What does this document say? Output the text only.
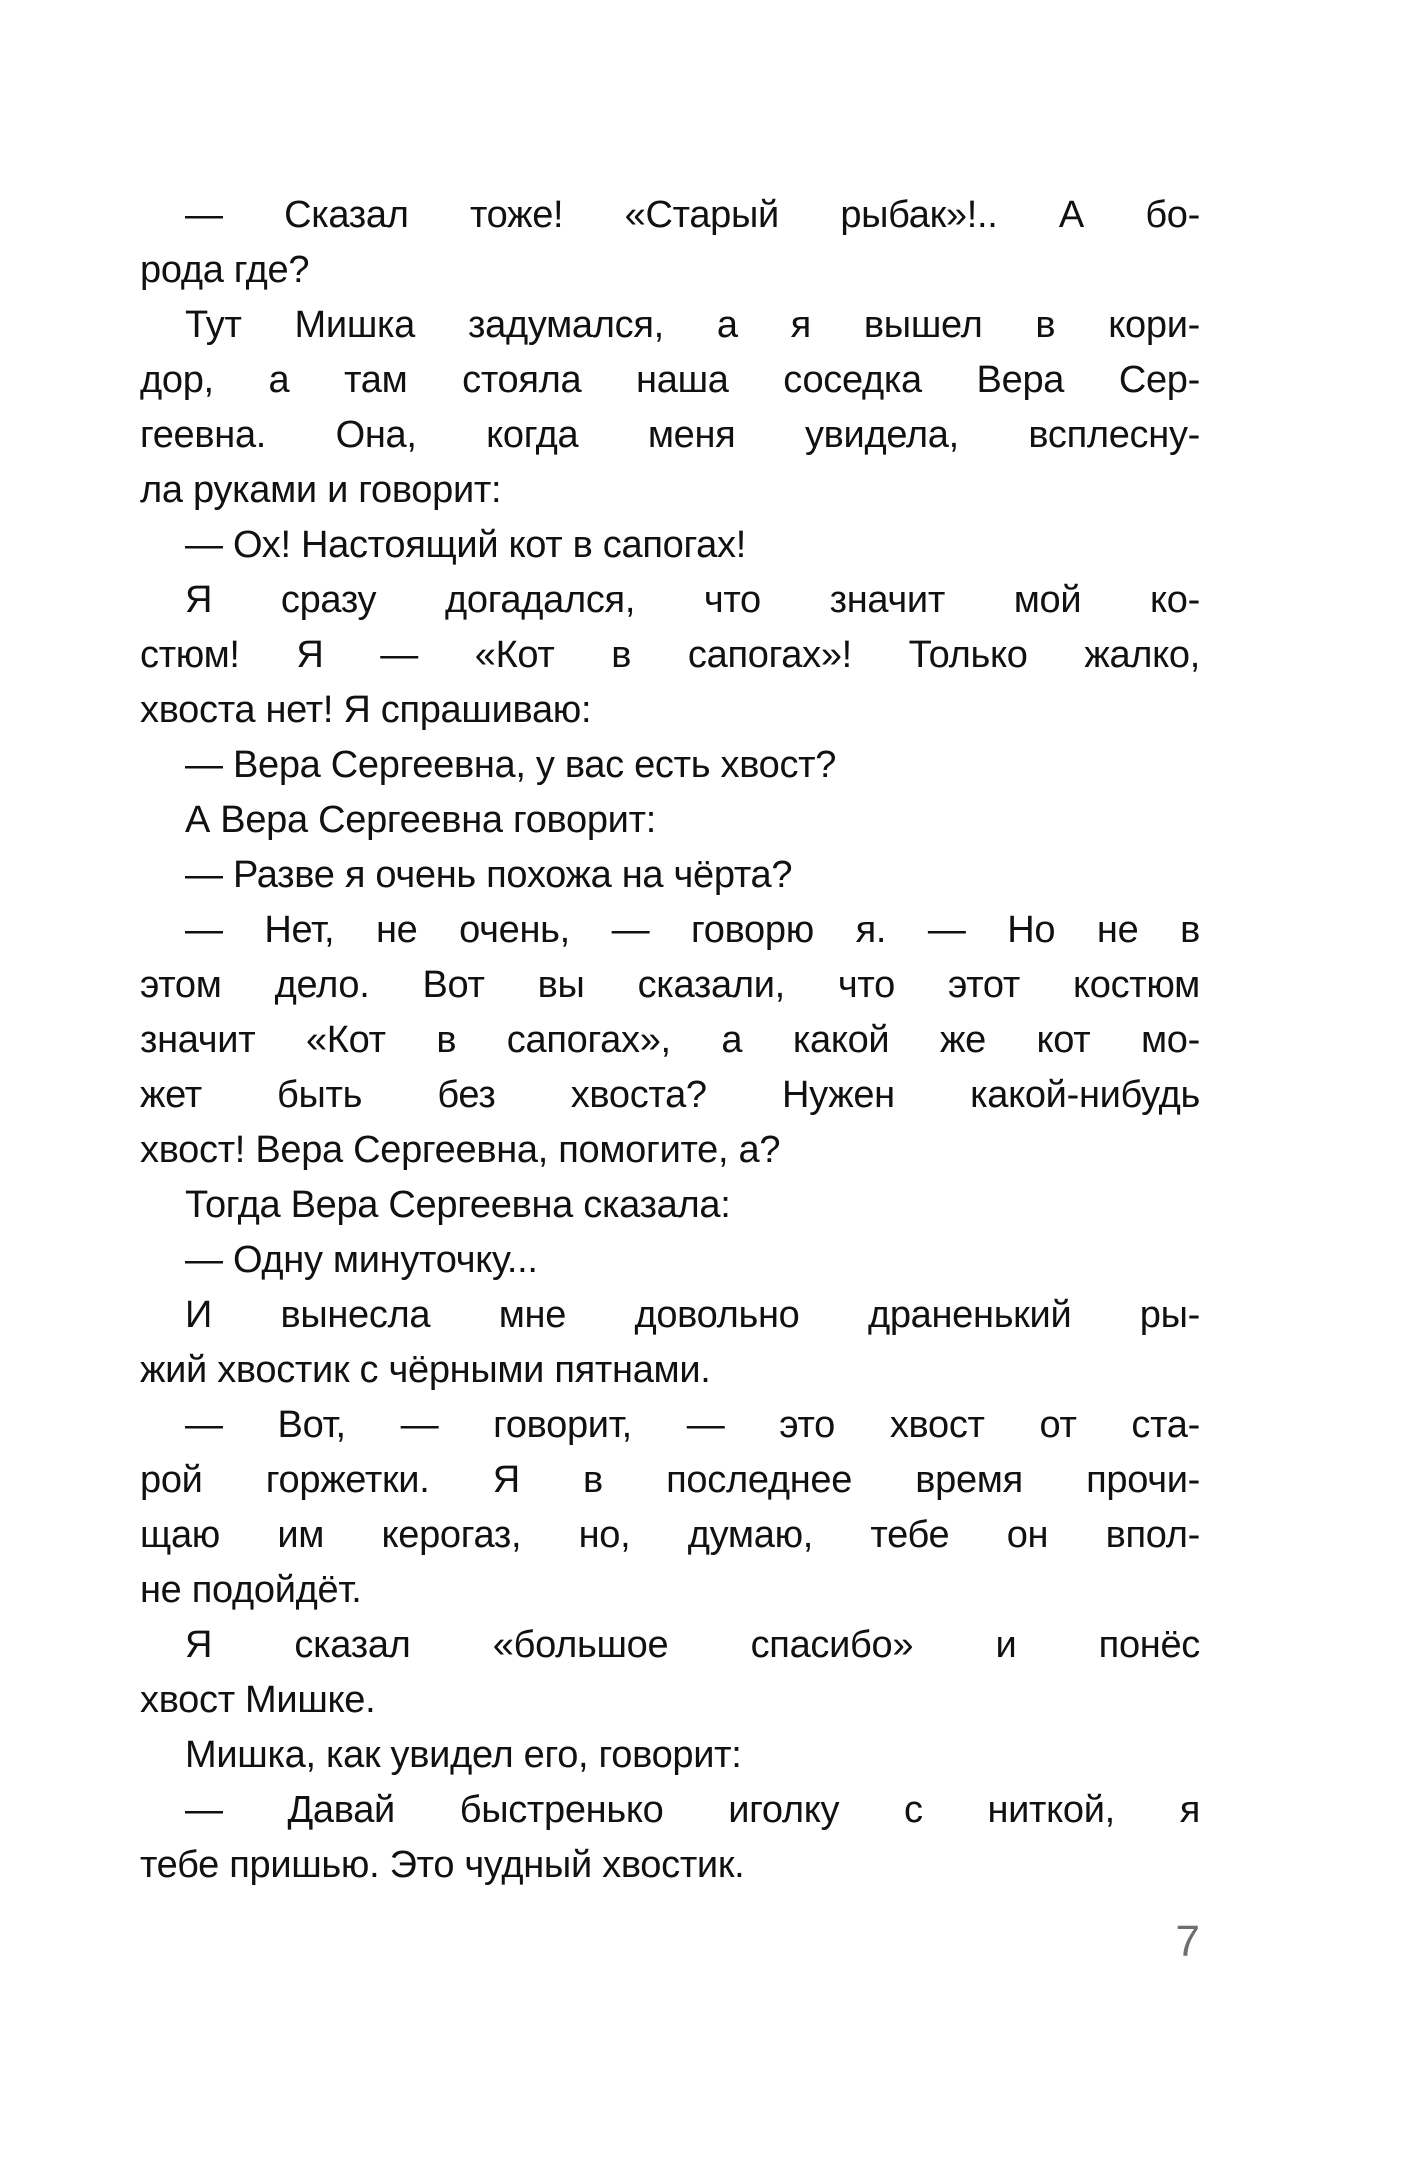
— Сказал тоже! «Старый рыбак»!.. А бо-
рода где?
Тут Мишка задумался, а я вышел в кори-
дор, а там стояла наша соседка Вера Сер-
геевна. Она, когда меня увидела, всплесну-
ла руками и говорит:
— Ох! Настоящий кот в сапогах!
Я сразу догадался, что значит мой ко-
стюм! Я — «Кот в сапогах»! Только жалко,
хвоста нет! Я спрашиваю:
— Вера Сергеевна, у вас есть хвост?
А Вера Сергеевна говорит:
— Разве я очень похожа на чёрта?
— Нет, не очень, — говорю я. — Но не в
этом дело. Вот вы сказали, что этот костюм
значит «Кот в сапогах», а какой же кот мо-
жет быть без хвоста? Нужен какой-нибудь
хвост! Вера Сергеевна, помогите, а?
Тогда Вера Сергеевна сказала:
— Одну минуточку...
И вынесла мне довольно драненький ры-
жий хвостик с чёрными пятнами.
— Вот, — говорит, — это хвост от ста-
рой горжетки. Я в последнее время прочи-
щаю им керогаз, но, думаю, тебе он впол-
не подойдёт.
Я сказал «большое спасибо» и понёс
хвост Мишке.
Мишка, как увидел его, говорит:
— Давай быстренько иголку с ниткой, я
тебе пришью. Это чудный хвостик.
7
